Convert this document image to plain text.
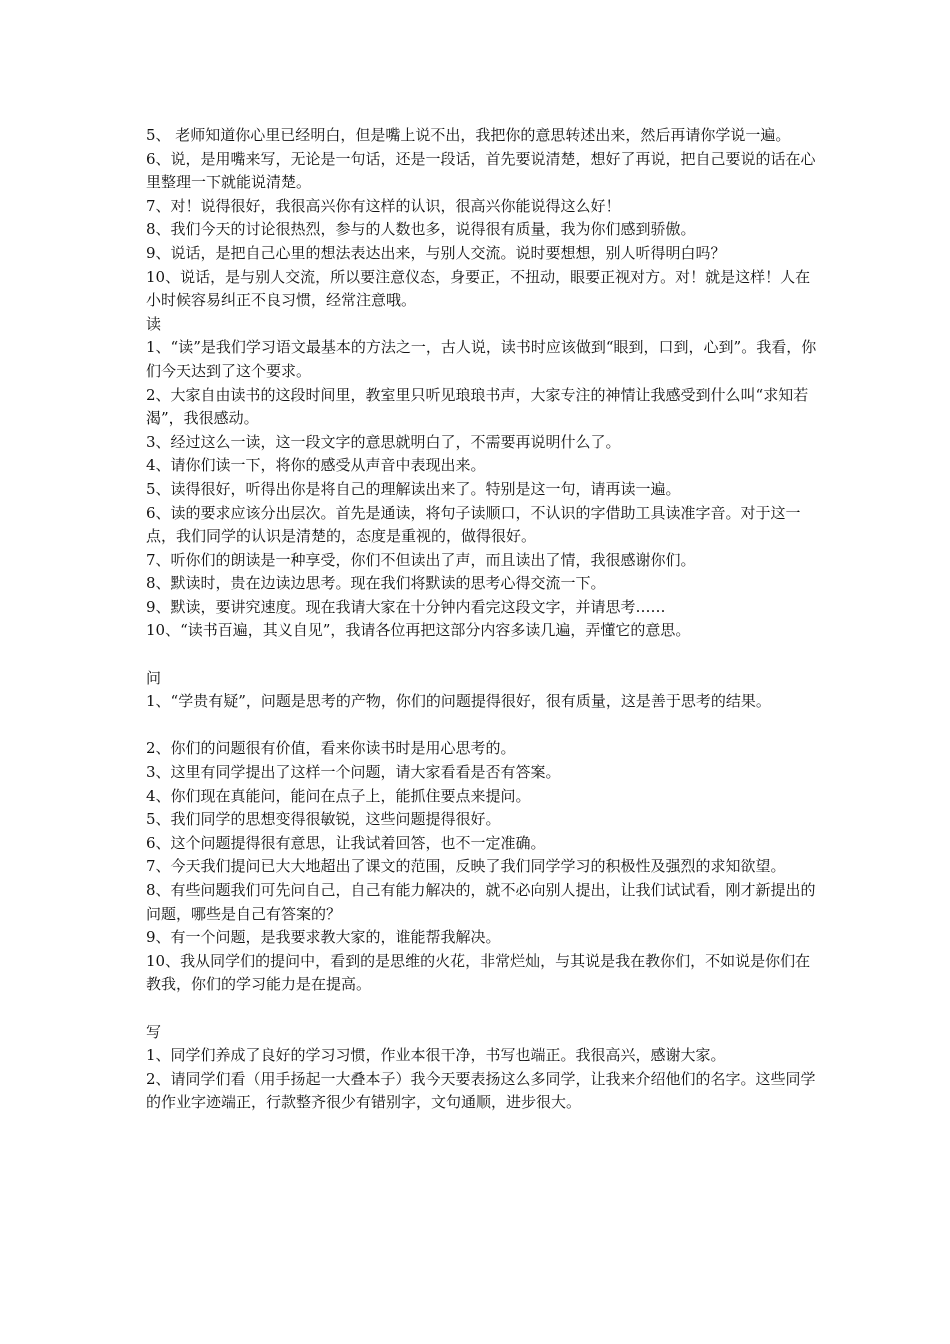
5、 老师知道你心里已经明白，但是嘴上说不出，我把你的意思转述出来，然后再请你学说一遍。

6、说，是用嘴来写，无论是一句话，还是一段话，首先要说清楚，想好了再说，把自己要说的话在心里整理一下就能说清楚。

7、对！说得很好，我很高兴你有这样的认识，很高兴你能说得这么好！

8、我们今天的讨论很热烈，参与的人数也多，说得很有质量，我为你们感到骄傲。

9、说话，是把自己心里的想法表达出来，与别人交流。说时要想想，别人听得明白吗？

10、说话，是与别人交流，所以要注意仪态，身要正，不扭动，眼要正视对方。对！就是这样！人在小时候容易纠正不良习惯，经常注意哦。

读

1、“读”是我们学习语文最基本的方法之一，古人说，读书时应该做到“眼到，口到，心到”。我看，你们今天达到了这个要求。

2、大家自由读书的这段时间里，教室里只听见琅琅书声，大家专注的神情让我感受到什么叫“求知若渴”，我很感动。

3、经过这么一读，这一段文字的意思就明白了，不需要再说明什么了。

4、请你们读一下，将你的感受从声音中表现出来。

5、读得很好，听得出你是将自己的理解读出来了。特别是这一句，请再读一遍。

6、读的要求应该分出层次。首先是通读，将句子读顺口，不认识的字借助工具读准字音。对于这一点，我们同学的认识是清楚的，态度是重视的，做得很好。

7、听你们的朗读是一种享受，你们不但读出了声，而且读出了情，我很感谢你们。

8、默读时，贵在边读边思考。现在我们将默读的思考心得交流一下。

9、默读，要讲究速度。现在我请大家在十分钟内看完这段文字，并请思考……

10、“读书百遍，其义自见”，我请各位再把这部分内容多读几遍，弄懂它的意思。

问

1、“学贵有疑”，问题是思考的产物，你们的问题提得很好，很有质量，这是善于思考的结果。

2、你们的问题很有价值，看来你读书时是用心思考的。

3、这里有同学提出了这样一个问题，请大家看看是否有答案。

4、你们现在真能问，能问在点子上，能抓住要点来提问。

5、我们同学的思想变得很敏锐，这些问题提得很好。

6、这个问题提得很有意思，让我试着回答，也不一定准确。

7、今天我们提问已大大地超出了课文的范围，反映了我们同学学习的积极性及强烈的求知欲望。

8、有些问题我们可先问自己，自己有能力解决的，就不必向别人提出，让我们试试看，刚才新提出的问题，哪些是自己有答案的？

9、有一个问题，是我要求教大家的，谁能帮我解决。

10、我从同学们的提问中，看到的是思维的火花，非常烂灿，与其说是我在教你们，不如说是你们在教我，你们的学习能力是在提高。

写

1、同学们养成了良好的学习习惯，作业本很干净，书写也端正。我很高兴，感谢大家。

2、请同学们看（用手扬起一大叠本子）我今天要表扬这么多同学，让我来介绍他们的名字。这些同学的作业字迹端正，行款整齐很少有错别字，文句通顺，进步很大。
